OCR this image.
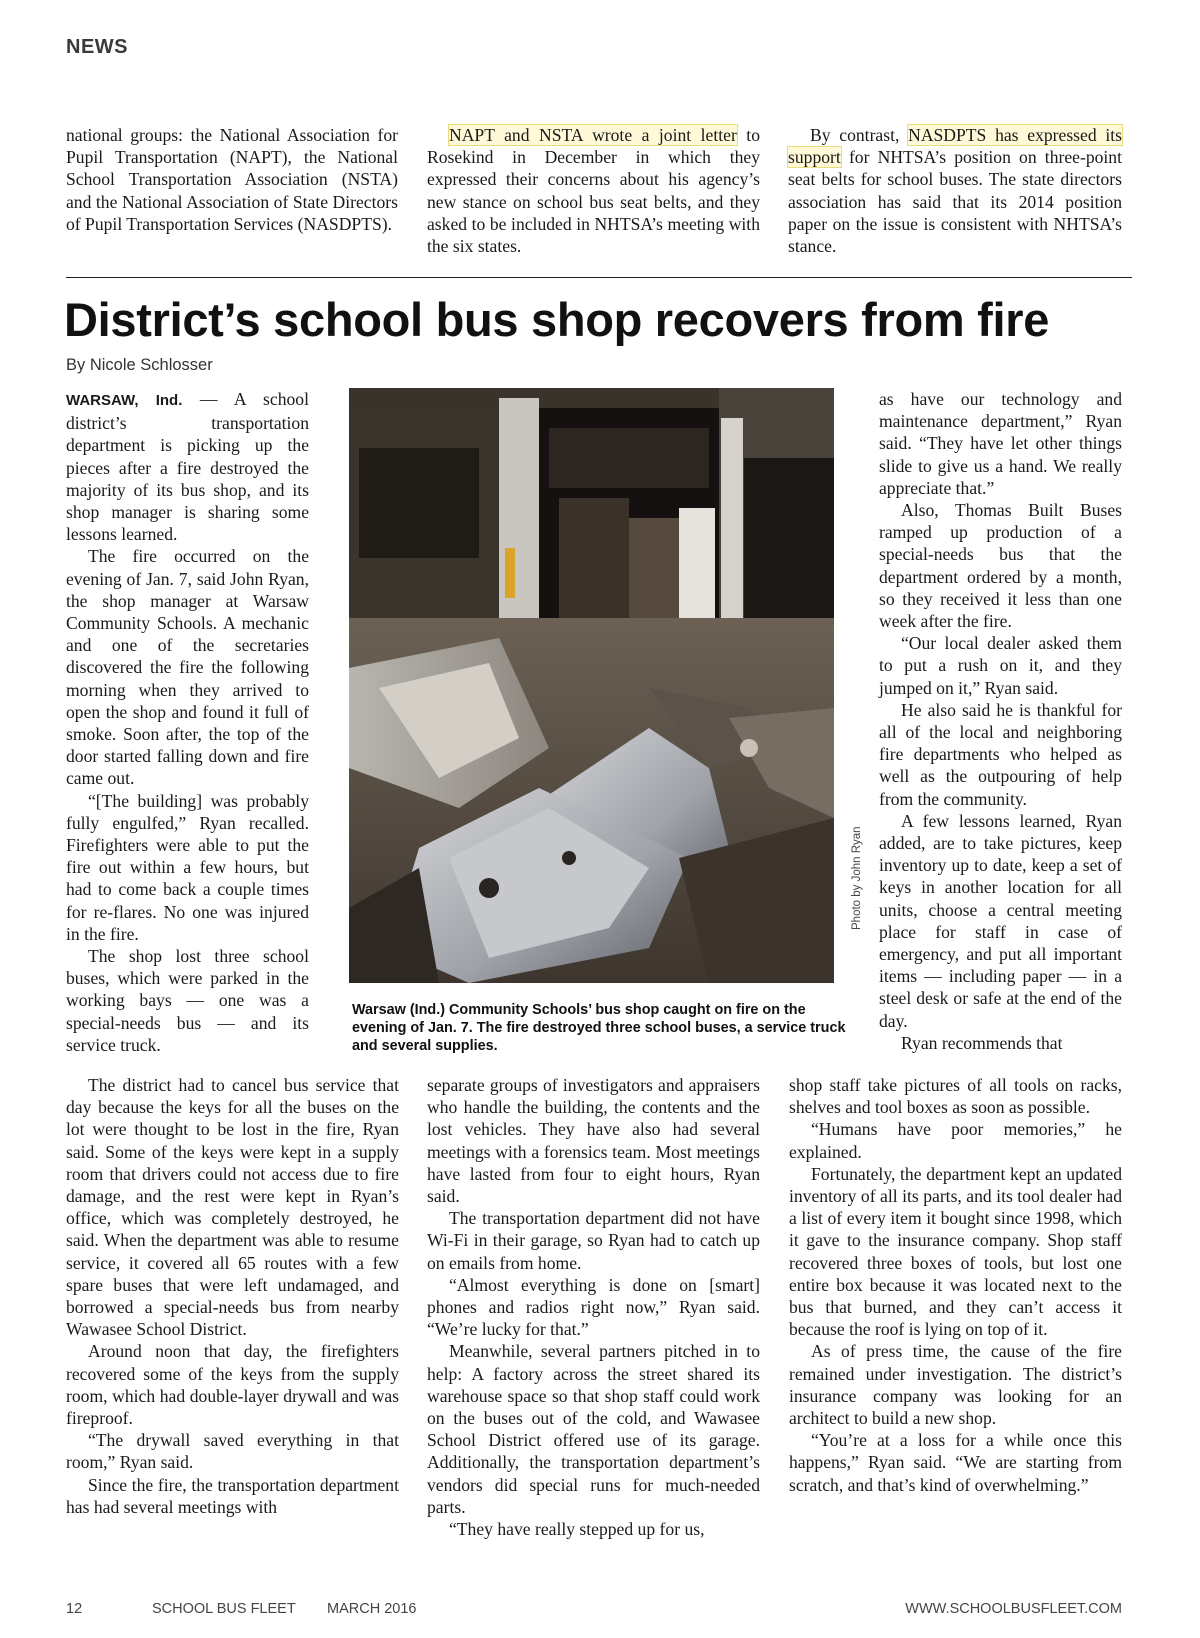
NEWS

national groups: the National Association for Pupil Transportation (NAPT), the National School Transportation Association (NSTA) and the National Association of State Directors of Pupil Transportation Services (NASDPTS).

NAPT and NSTA wrote a joint letter to Rosekind in December in which they expressed their concerns about his agency’s new stance on school bus seat belts, and they asked to be included in NHTSA’s meeting with the six states.

By contrast, NASDPTS has expressed its support for NHTSA’s position on three-point seat belts for school buses. The state directors association has said that its 2014 position paper on the issue is consistent with NHTSA’s stance.

District’s school bus shop recovers from fire
By Nicole Schlosser

WARSAW, Ind. — A school district’s transportation department is picking up the pieces after a fire destroyed the majority of its bus shop, and its shop manager is sharing some lessons learned.

The fire occurred on the evening of Jan. 7, said John Ryan, the shop manager at Warsaw Community Schools. A mechanic and one of the secretaries discovered the fire the following morning when they arrived to open the shop and found it full of smoke. Soon after, the top of the door started falling down and fire came out.

“[The building] was probably fully engulfed,” Ryan recalled. Firefighters were able to put the fire out within a few hours, but had to come back a couple times for re-flares. No one was injured in the fire.

The shop lost three school buses, which were parked in the working bays — one was a special-needs bus — and its service truck.

Photo by John Ryan
Warsaw (Ind.) Community Schools’ bus shop caught on fire on the evening of Jan. 7. The fire destroyed three school buses, a service truck and several supplies.

as have our technology and maintenance department,” Ryan said. “They have let other things slide to give us a hand. We really appreciate that.”

Also, Thomas Built Buses ramped up production of a special-needs bus that the department ordered by a month, so they received it less than one week after the fire.

“Our local dealer asked them to put a rush on it, and they jumped on it,” Ryan said.

He also said he is thankful for all of the local and neighboring fire departments who helped as well as the outpouring of help from the community.

A few lessons learned, Ryan added, are to take pictures, keep inventory up to date, keep a set of keys in another location for all units, choose a central meeting place for staff in case of emergency, and put all important items — including paper — in a steel desk or safe at the end of the day.

Ryan recommends that

The district had to cancel bus service that day because the keys for all the buses on the lot were thought to be lost in the fire, Ryan said. Some of the keys were kept in a supply room that drivers could not access due to fire damage, and the rest were kept in Ryan’s office, which was completely destroyed, he said. When the department was able to resume service, it covered all 65 routes with a few spare buses that were left undamaged, and borrowed a special-needs bus from nearby Wawasee School District.

Around noon that day, the firefighters recovered some of the keys from the supply room, which had double-layer drywall and was fireproof.

“The drywall saved everything in that room,” Ryan said.

Since the fire, the transportation department has had several meetings with

separate groups of investigators and appraisers who handle the building, the contents and the lost vehicles. They have also had several meetings with a forensics team. Most meetings have lasted from four to eight hours, Ryan said.

The transportation department did not have Wi-Fi in their garage, so Ryan had to catch up on emails from home.

“Almost everything is done on [smart] phones and radios right now,” Ryan said. “We’re lucky for that.”

Meanwhile, several partners pitched in to help: A factory across the street shared its warehouse space so that shop staff could work on the buses out of the cold, and Wawasee School District offered use of its garage. Additionally, the transportation department’s vendors did special runs for much-needed parts.

“They have really stepped up for us,

shop staff take pictures of all tools on racks, shelves and tool boxes as soon as possible.

“Humans have poor memories,” he explained.

Fortunately, the department kept an updated inventory of all its parts, and its tool dealer had a list of every item it bought since 1998, which it gave to the insurance company. Shop staff recovered three boxes of tools, but lost one entire box because it was located next to the bus that burned, and they can’t access it because the roof is lying on top of it.

As of press time, the cause of the fire remained under investigation. The district’s insurance company was looking for an architect to build a new shop.

“You’re at a loss for a while once this happens,” Ryan said. “We are starting from scratch, and that’s kind of overwhelming.”

12	SCHOOL BUS FLEET MARCH 2016	WWW.SCHOOLBUSFLEET.COM
